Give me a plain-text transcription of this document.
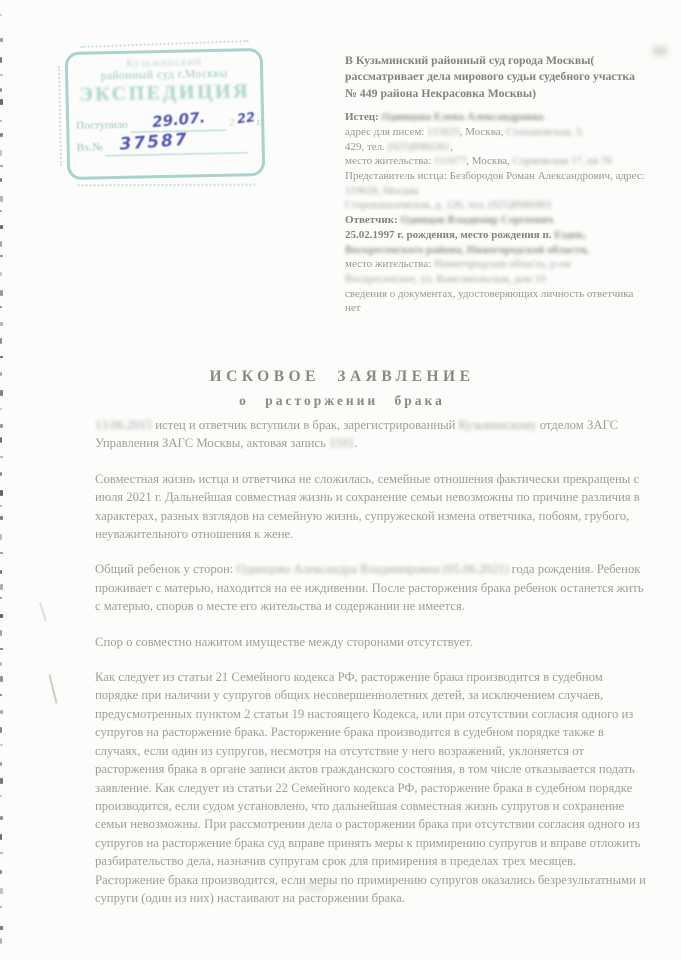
Кузьминский
районный суд г.Москвы
ЭКСПЕДИЦИЯ
Поступило 29.07. 222г.
Вх.№ 37587

В Кузьминский районный суд города Москвы( рассматривает дела мирового судьи судебного участка № 449 района Некрасовка Москвы)

Истец: Одинцова Елена Александровна
адрес для писем: 115625, Москва, Стахановская, 3,
429, тел. (925)8980281,
место жительства: 111677, Москва, Сормовская 17, кв 76
Представитель истца: Безбородов Роман Александрович, адрес: 119628, Москва
Старокачаловская, д. 120, тел. (925)8986983
Ответчик: Одинцов Владимир Сергеевич
25.02.1997 г. рождения, место рождения п. Ездок,
Воскресенского района, Нижегородской области,
место жительства: Нижегородская область, р-он Воскресенское, ул. Комсомольская, дом 10
сведения о документах, удостоверяющих личность ответчика нет

ИСКОВОЕ ЗАЯВЛЕНИЕ
о расторжении брака

13.06.2015 истец и ответчик вступили в брак, зарегистрированный Кузьминскому отделом ЗАГС Управления ЗАГС Москвы, актовая запись 1591.

Совместная жизнь истца и ответчика не сложилась, семейные отношения фактически прекращены с июля 2021 г. Дальнейшая совместная жизнь и сохранение семьи невозможны по причине различия в характерах, разных взглядов на семейную жизнь, супружеской измена ответчика, побоям, грубого, неуважительного отношения к жене.

Общий ребенок у сторон: Одинцова Александра Владимировна (05.06.2021) года рождения. Ребенок проживает с матерью, находится на ее иждивении. После расторжения брака ребенок останется жить с матерью, споров о месте его жительства и содержании не имеется.

Спор о совместно нажитом имуществе между сторонами отсутствует.

Как следует из статьи 21 Семейного кодекса РФ, расторжение брака производится в судебном порядке при наличии у супругов общих несовершеннолетних детей, за исключением случаев, предусмотренных пунктом 2 статьи 19 настоящего Кодекса, или при отсутствии согласия одного из супругов на расторжение брака. Расторжение брака производится в судебном порядке также в случаях, если один из супругов, несмотря на отсутствие у него возражений, уклоняется от расторжения брака в органе записи актов гражданского состояния, в том числе отказывается подать заявление. Как следует из статьи 22 Семейного кодекса РФ, расторжение брака в судебном порядке производится, если судом установлено, что дальнейшая совместная жизнь супругов и сохранение семьи невозможны. При рассмотрении дела о расторжении брака при отсутствии согласия одного из супругов на расторжение брака суд вправе принять меры к примирению супругов и вправе отложить разбирательство дела, назначив супругам срок для примирения в пределах трех месяцев. Расторжение брака производится, если меры по примирению супругов оказались безрезультатными и супруги (один из них) настаивают на расторжении брака.
